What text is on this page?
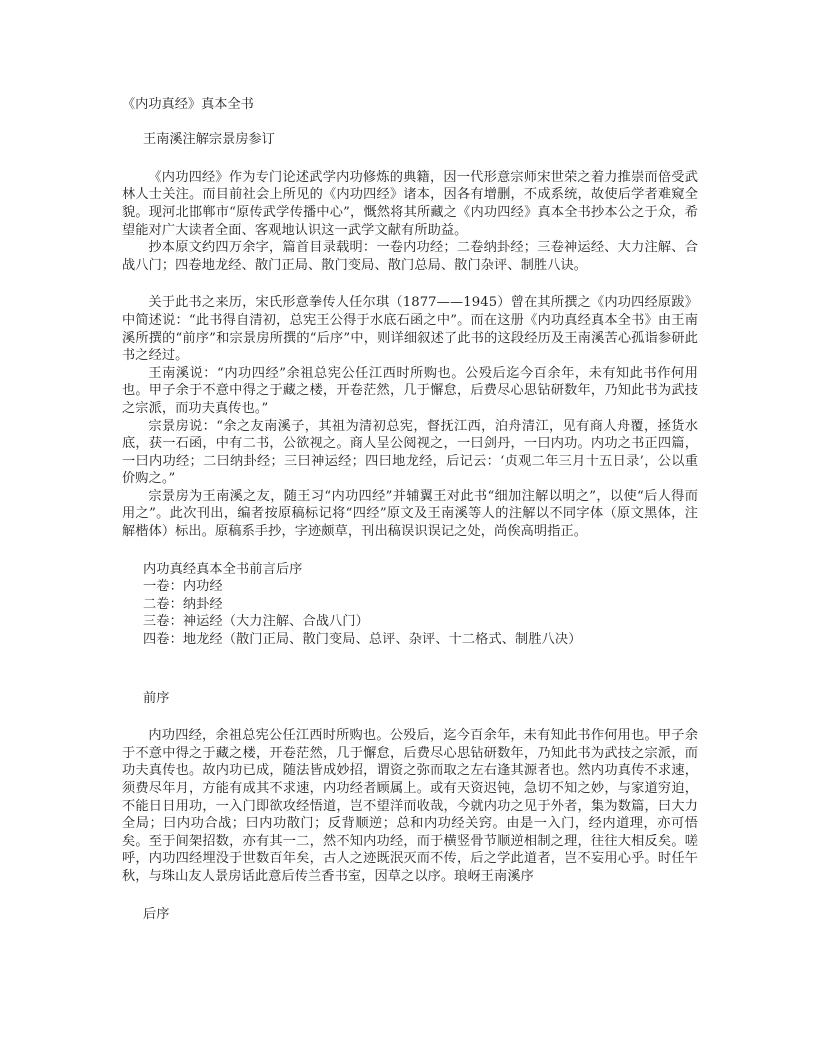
《内功真经》真本全书
王南溪注解宗景房参订

《内功四经》作为专门论述武学内功修炼的典籍，因一代形意宗师宋世荣之着力推崇而倍受武林人士关注。而目前社会上所见的《内功四经》诸本，因各有增删，不成系统，故使后学者难窥全貌。现河北邯郸市“原传武学传播中心”，慨然将其所藏之《内功四经》真本全书抄本公之于众，希望能对广大读者全面、客观地认识这一武学文献有所助益。

抄本原文约四万余字，篇首目录载明：一卷内功经；二卷纳卦经；三卷神运经、大力注解、合战八门；四卷地龙经、散门正局、散门变局、散门总局、散门杂评、制胜八诀。

关于此书之来历，宋氏形意拳传人任尔琪（1877——1945）曾在其所撰之《内功四经原跋》中简述说：“此书得自清初，总宪王公得于水底石函之中”。而在这册《内功真经真本全书》由王南溪所撰的“前序”和宗景房所撰的“后序”中，则详细叙述了此书的这段经历及王南溪苦心孤诣参研此书之经过。

王南溪说：“内功四经”余祖总宪公任江西时所购也。公殁后迄今百余年，未有知此书作何用也。甲子余于不意中得之于藏之楼，开卷茫然，几于懈怠，后费尽心思钻研数年，乃知此书为武技之宗派，而功夫真传也。”

宗景房说：“余之友南溪子，其祖为清初总宪，督抚江西，泊舟清江，见有商人舟覆，拯货水底，获一石函，中有二书，公欲视之。商人呈公阅视之，一曰剑丹，一曰内功。内功之书正四篇，一曰内功经；二曰纳卦经；三曰神运经；四曰地龙经，后记云：‘贞观二年三月十五日录’，公以重价购之。”

宗景房为王南溪之友，随王习“内功四经”并辅翼王对此书“细加注解以明之”，以使“后人得而用之”。此次刊出，编者按原稿标记将“四经”原文及王南溪等人的注解以不同字体（原文黑体，注解楷体）标出。原稿系手抄，字迹颇草，刊出稿误识误记之处，尚俟高明指正。

内功真经真本全书前言后序
一卷：内功经
二卷：纳卦经
三卷：神运经（大力注解、合战八门）
四卷：地龙经（散门正局、散门变局、总评、杂评、十二格式、制胜八决）
前序

内功四经，余祖总宪公任江西时所购也。公殁后，迄今百余年，未有知此书作何用也。甲子余于不意中得之于藏之楼，开卷茫然，几于懈怠，后费尽心思钻研数年，乃知此书为武技之宗派，而功夫真传也。故内功已成，随法皆成妙招，谓资之弥而取之左右逢其源者也。然内功真传不求速，须费尽年月，方能有成其不求速，内功经者顾属上。或有天资迟钝，急切不知之妙，与家道穷迫，不能日日用功，一入门即欲攻经悟道，岂不望洋而收哉，今就内功之见于外者，集为数篇，曰大力全局；曰内功合战；曰内功散门；反背顺逆；总和内功经关窍。由是一入门，经内道理，亦可悟矣。至于间架招数，亦有其一二，然不知内功经，而于横竖骨节顺逆相制之理，往往大相反矣。嗟呼，内功四经埋没于世数百年矣，古人之迹既泯灭而不传，后之学此道者，岂不妄用心乎。时任午秋，与珠山友人景房话此意后传兰香书室，因草之以序。琅岈王南溪序

后序
